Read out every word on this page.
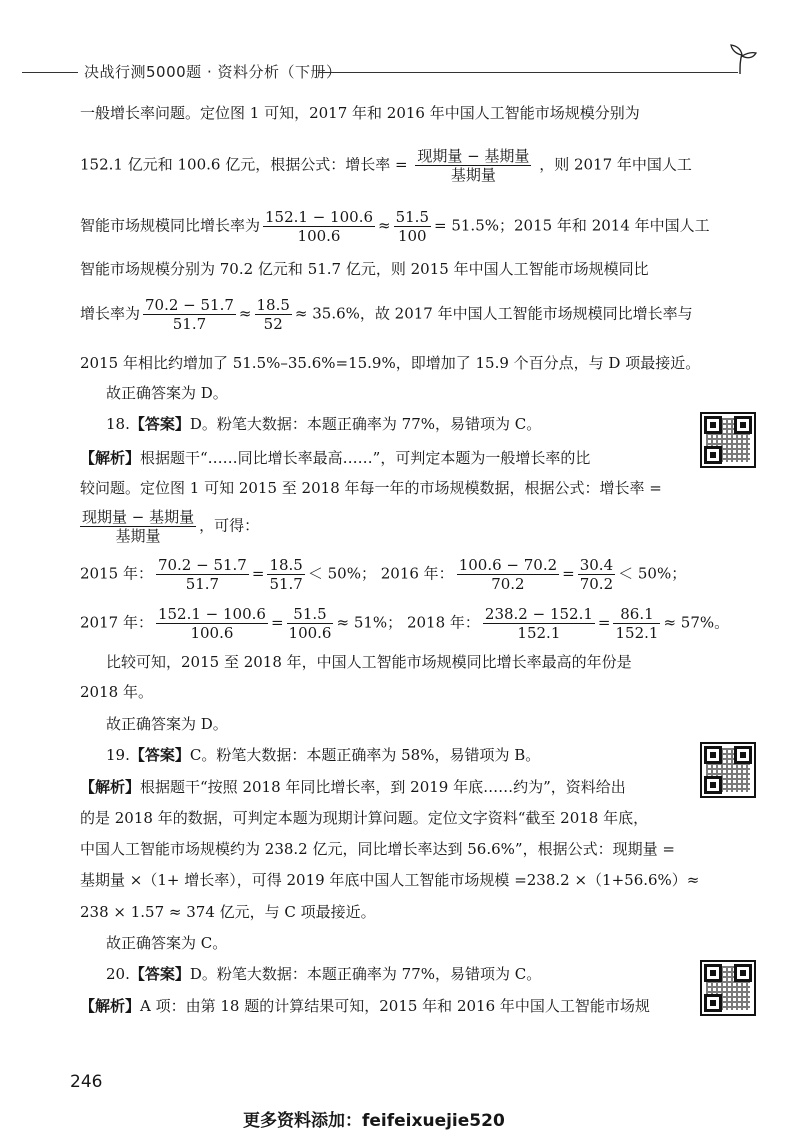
决战行测5000题 · 资料分析（下册）
一般增长率问题。定位图 1 可知，2017 年和 2016 年中国人工智能市场规模分别为
152.1 亿元和 100.6 亿元，根据公式：增长率 = $\frac{\text{现期量 − 基期量}}{\text{基期量}}$ ，则 2017 年中国人工
智能市场规模同比增长率为 $\frac{152.1 - 100.6}{100.6} \approx \frac{51.5}{100} = 51.5\%$；2015 年和 2014 年中国人工
智能市场规模分别为 70.2 亿元和 51.7 亿元，则 2015 年中国人工智能市场规模同比
增长率为 $\frac{70.2 - 51.7}{51.7} \approx \frac{18.5}{52} \approx 35.6\%$，故 2017 年中国人工智能市场规模同比增长率与
2015 年相比约增加了 51.5%–35.6%=15.9%，即增加了 15.9 个百分点，与 D 项最接近。
故正确答案为 D。
18.【答案】D。粉笔大数据：本题正确率为 77%，易错项为 C。
【解析】根据题干“……同比增长率最高……”，可判定本题为一般增长率的比
较问题。定位图 1 可知 2015 至 2018 年每一年的市场规模数据，根据公式：增长率 =
$\frac{\text{现期量 − 基期量}}{\text{基期量}}$ ，可得：
2015 年： $\frac{70.2 - 51.7}{51.7} = \frac{18.5}{51.7} < 50\%$； 2016 年： $\frac{100.6 - 70.2}{70.2} = \frac{30.4}{70.2} < 50\%$；
2017 年： $\frac{152.1 - 100.6}{100.6} = \frac{51.5}{100.6} \approx 51\%$； 2018 年： $\frac{238.2 - 152.1}{152.1} = \frac{86.1}{152.1} \approx 57\%$。
比较可知，2015 至 2018 年，中国人工智能市场规模同比增长率最高的年份是
2018 年。
故正确答案为 D。
19.【答案】C。粉笔大数据：本题正确率为 58%，易错项为 B。
【解析】根据题干“按照 2018 年同比增长率，到 2019 年底……约为”，资料给出
的是 2018 年的数据，可判定本题为现期计算问题。定位文字资料“截至 2018 年底，
中国人工智能市场规模约为 238.2 亿元，同比增长率达到 56.6%”，根据公式：现期量 =
基期量 ×（1+ 增长率），可得 2019 年底中国人工智能市场规模 =238.2 ×（1+56.6%）≈
238 × 1.57 ≈ 374 亿元，与 C 项最接近。
故正确答案为 C。
20.【答案】D。粉笔大数据：本题正确率为 77%，易错项为 C。
【解析】A 项：由第 18 题的计算结果可知，2015 年和 2016 年中国人工智能市场规
246
更多资料添加：feifeixuejie520
